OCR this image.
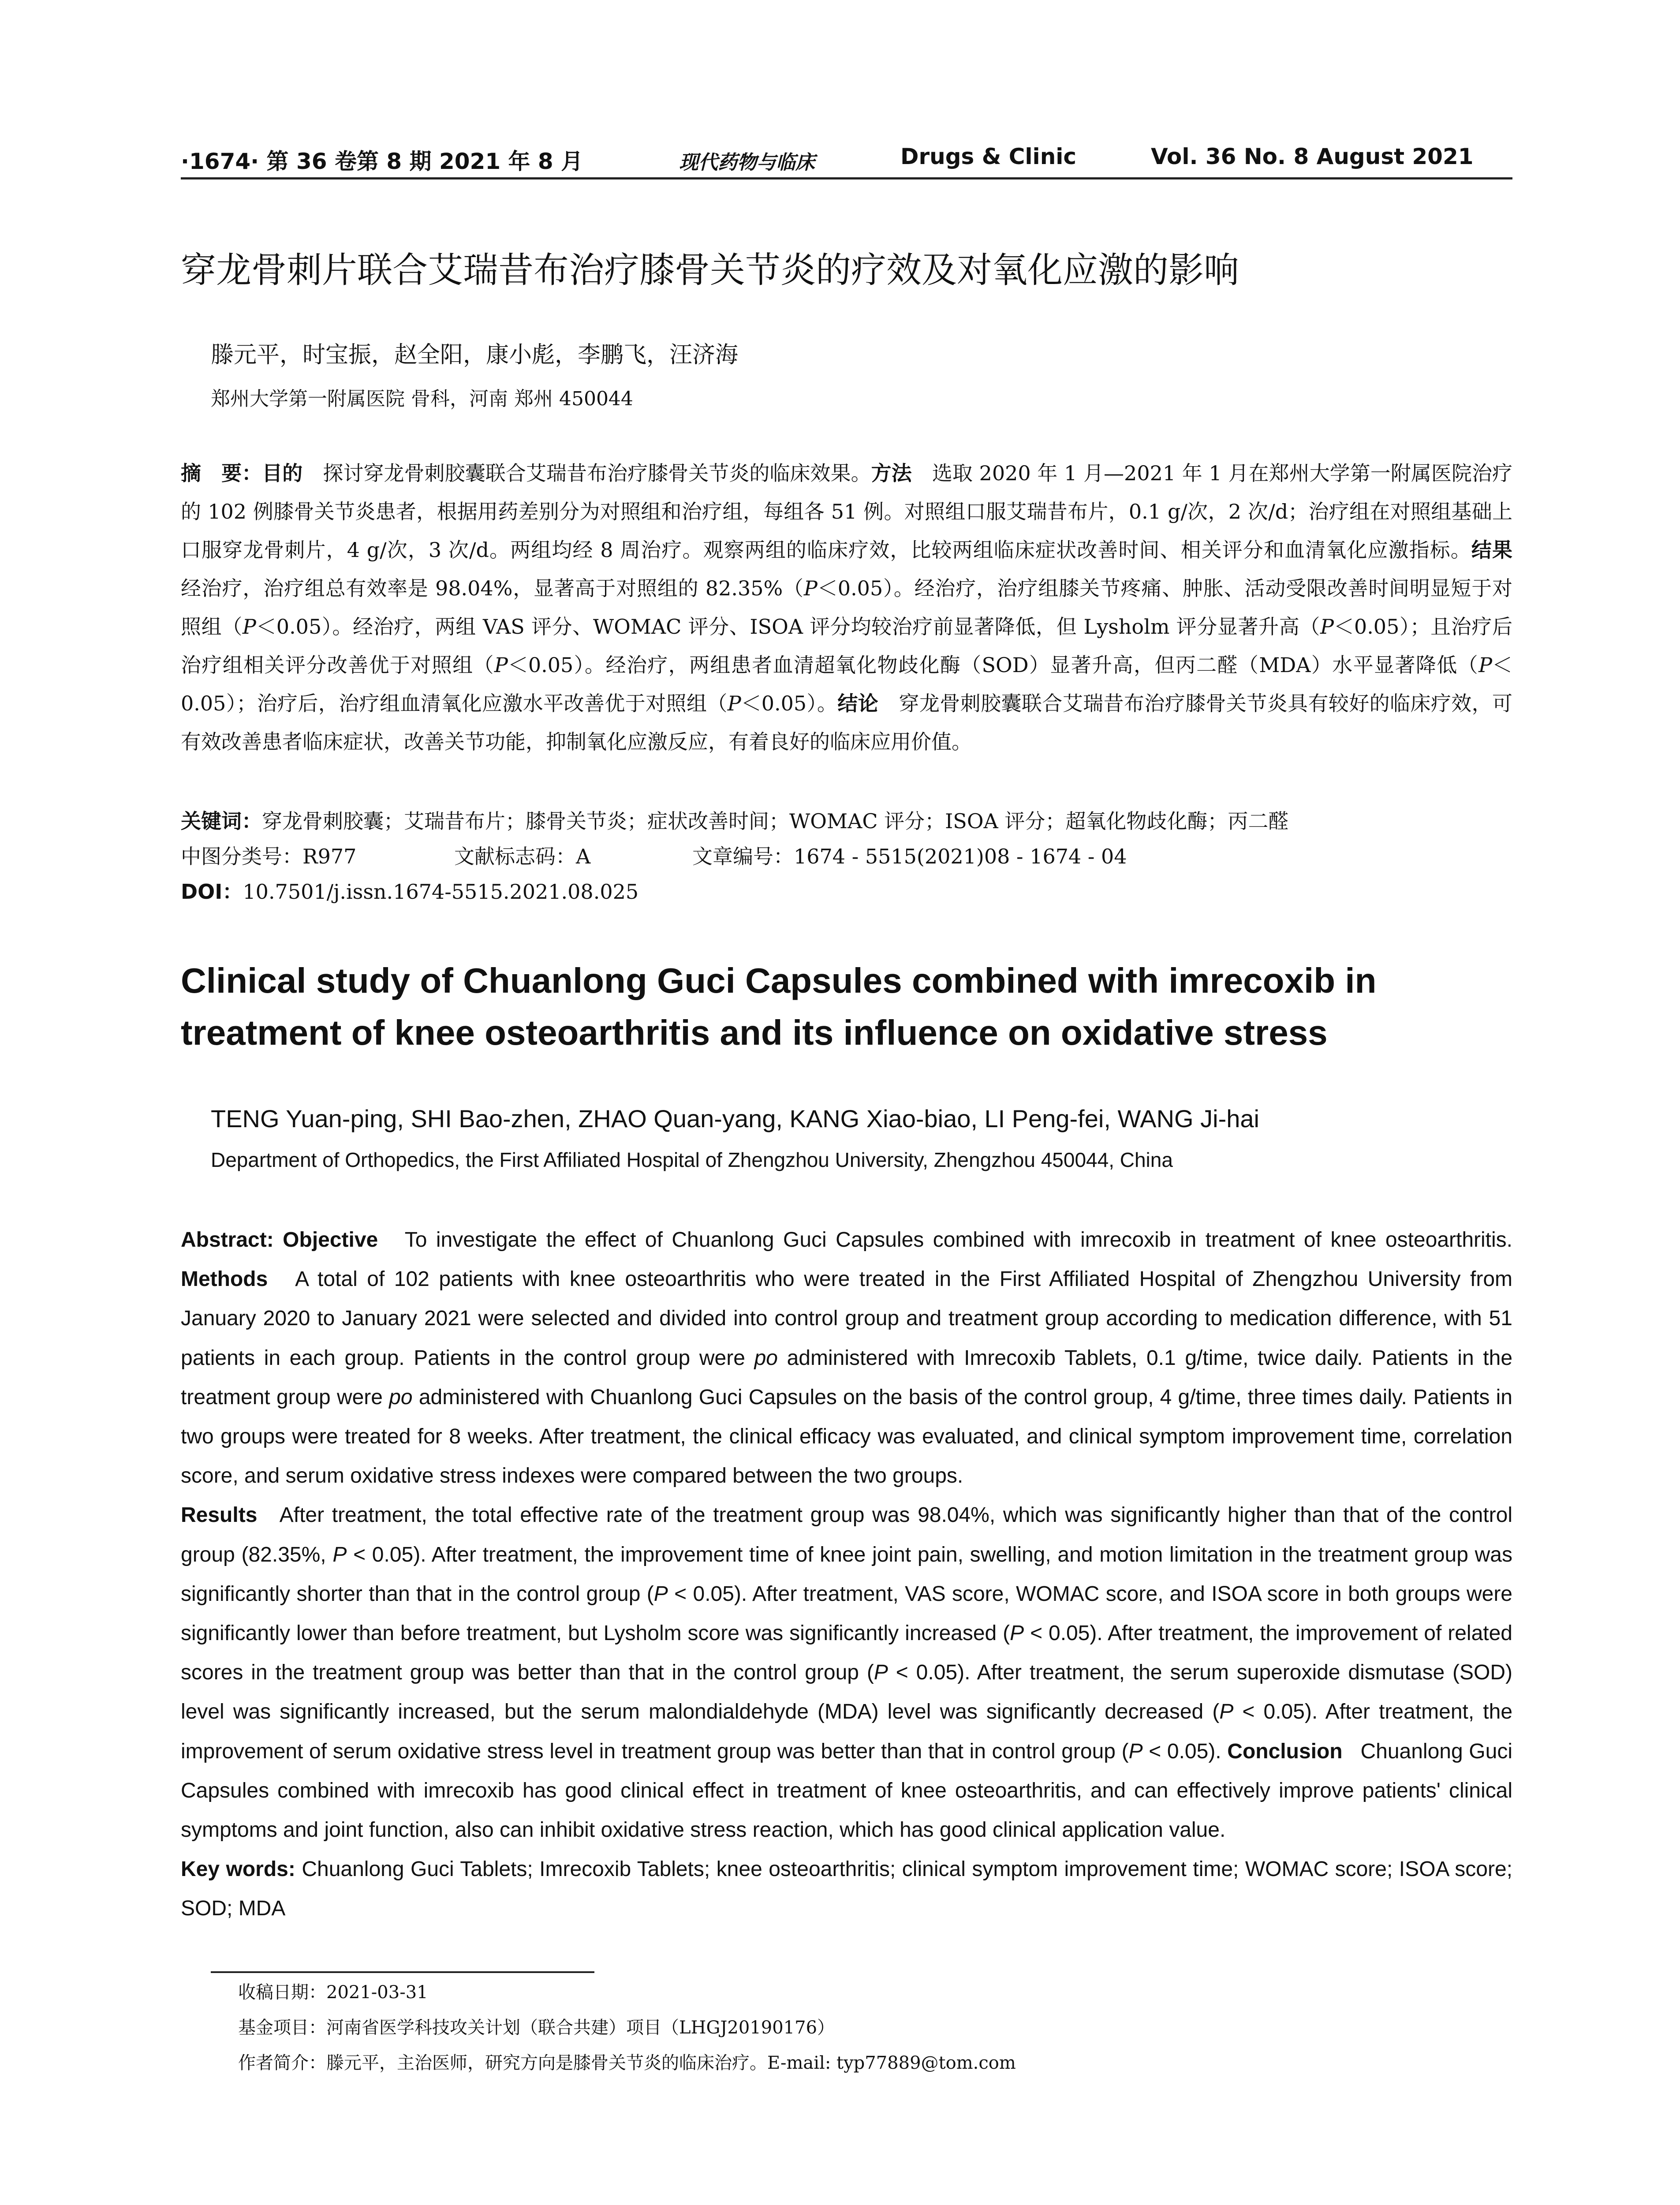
·1674· 第 36 卷第 8 期 2021 年 8 月	现代药物与临床	Drugs & Clinic	Vol. 36 No. 8 August 2021
穿龙骨刺片联合艾瑞昔布治疗膝骨关节炎的疗效及对氧化应激的影响
滕元平，时宝振，赵全阳，康小彪，李鹏飞，汪济海
郑州大学第一附属医院 骨科，河南 郑州 450044
摘　要：目的　 探讨穿龙骨刺胶囊联合艾瑞昔布治疗膝骨关节炎的临床效果。方法　 选取 2020 年 1 月—2021 年 1 月在郑州大学第一附属医院治疗的 102 例膝骨关节炎患者，根据用药差别分为对照组和治疗组，每组各 51 例。对照组口服艾瑞昔布片，0.1 g/次，2 次/d；治疗组在对照组基础上口服穿龙骨刺片，4 g/次，3 次/d。两组均经 8 周治疗。观察两组的临床疗效，比较两组临床症状改善时间、相关评分和血清氧化应激指标。结果　经治疗，治疗组总有效率是 98.04%，显著高于对照组的 82.35%（P＜0.05）。经治疗，治疗组膝关节疼痛、肿胀、活动受限改善时间明显短于对照组（P＜0.05）。经治疗，两组 VAS 评分、WOMAC 评分、ISOA 评分均较治疗前显著降低，但 Lysholm 评分显著升高（P＜0.05）；且治疗后治疗组相关评分改善优于对照组（P＜0.05）。经治疗，两组患者血清超氧化物歧化酶（SOD）显著升高，但丙二醛（MDA）水平显著降低（P＜0.05）；治疗后，治疗组血清氧化应激水平改善优于对照组（P＜0.05）。结论　 穿龙骨刺胶囊联合艾瑞昔布治疗膝骨关节炎具有较好的临床疗效，可有效改善患者临床症状，改善关节功能，抑制氧化应激反应，有着良好的临床应用价值。
关键词：穿龙骨刺胶囊；艾瑞昔布片；膝骨关节炎；症状改善时间；WOMAC 评分；ISOA 评分；超氧化物歧化酶；丙二醛
中图分类号：R977	文献标志码：A	文章编号：1674 - 5515(2021)08 - 1674 - 04
DOI：10.7501/j.issn.1674-5515.2021.08.025
Clinical study of Chuanlong Guci Capsules combined with imrecoxib in treatment of knee osteoarthritis and its influence on oxidative stress
TENG Yuan-ping, SHI Bao-zhen, ZHAO Quan-yang, KANG Xiao-biao, LI Peng-fei, WANG Ji-hai
Department of Orthopedics, the First Affiliated Hospital of Zhengzhou University, Zhengzhou 450044, China
Abstract: Objective To investigate the effect of Chuanlong Guci Capsules combined with imrecoxib in treatment of knee osteoarthritis. Methods A total of 102 patients with knee osteoarthritis who were treated in the First Affiliated Hospital of Zhengzhou University from January 2020 to January 2021 were selected and divided into control group and treatment group according to medication difference, with 51 patients in each group. Patients in the control group were po administered with Imrecoxib Tablets, 0.1 g/time, twice daily. Patients in the treatment group were po administered with Chuanlong Guci Capsules on the basis of the control group, 4 g/time, three times daily. Patients in two groups were treated for 8 weeks. After treatment, the clinical efficacy was evaluated, and clinical symptom improvement time, correlation score, and serum oxidative stress indexes were compared between the two groups.
Results After treatment, the total effective rate of the treatment group was 98.04%, which was significantly higher than that of the control group (82.35%, P < 0.05). After treatment, the improvement time of knee joint pain, swelling, and motion limitation in the treatment group was significantly shorter than that in the control group (P < 0.05). After treatment, VAS score, WOMAC score, and ISOA score in both groups were significantly lower than before treatment, but Lysholm score was significantly increased (P < 0.05). After treatment, the improvement of related scores in the treatment group was better than that in the control group (P < 0.05). After treatment, the serum superoxide dismutase (SOD) level was significantly increased, but the serum malondialdehyde (MDA) level was significantly decreased (P < 0.05). After treatment, the improvement of serum oxidative stress level in treatment group was better than that in control group (P < 0.05). Conclusion Chuanlong Guci Capsules combined with imrecoxib has good clinical effect in treatment of knee osteoarthritis, and can effectively improve patients' clinical symptoms and joint function, also can inhibit oxidative stress reaction, which has good clinical application value.
Key words: Chuanlong Guci Tablets; Imrecoxib Tablets; knee osteoarthritis; clinical symptom improvement time; WOMAC score; ISOA score; SOD; MDA
收稿日期：2021-03-31
基金项目：河南省医学科技攻关计划（联合共建）项目（LHGJ20190176）
作者简介：滕元平，主治医师，研究方向是膝骨关节炎的临床治疗。E-mail: typ77889@tom.com
